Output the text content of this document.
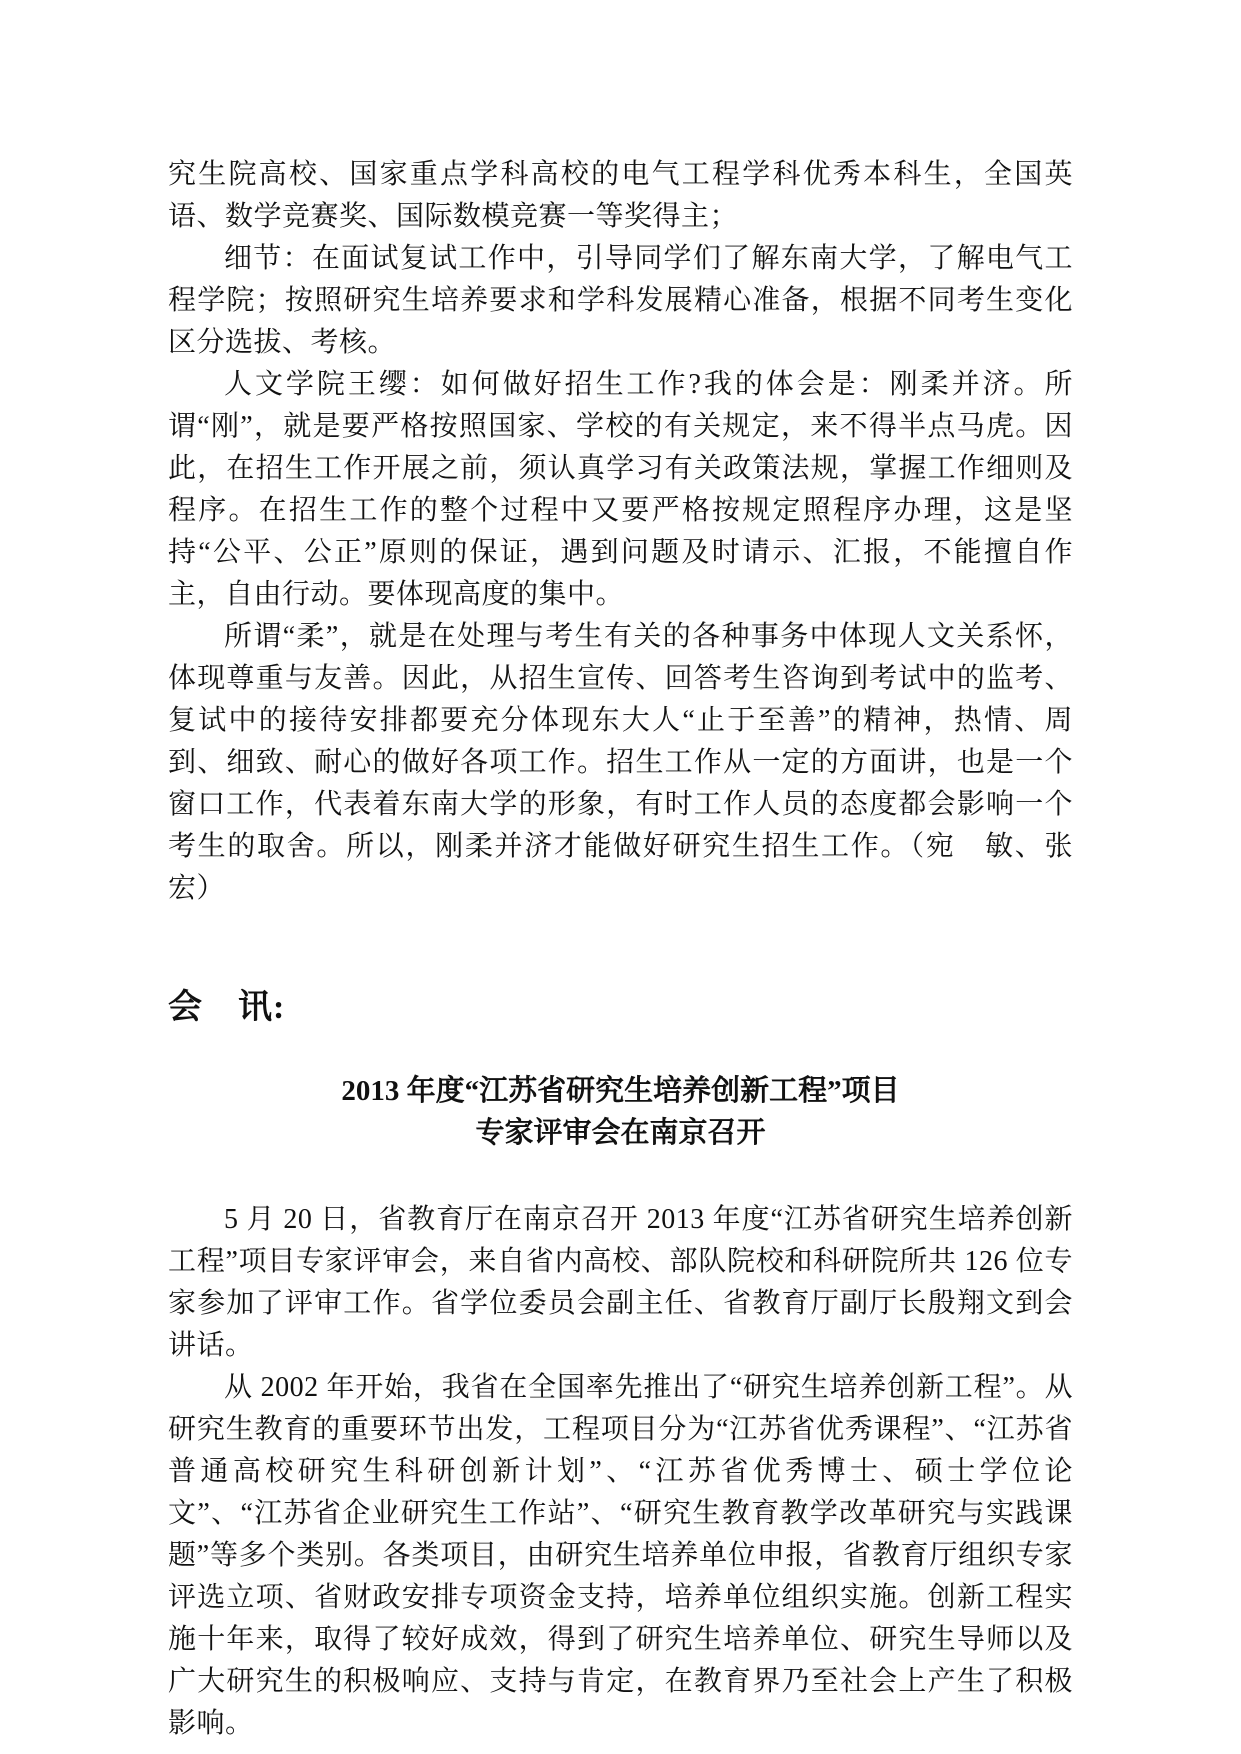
究生院高校、国家重点学科高校的电气工程学科优秀本科生，全国英语、数学竞赛奖、国际数模竞赛一等奖得主；

细节：在面试复试工作中，引导同学们了解东南大学，了解电气工程学院；按照研究生培养要求和学科发展精心准备，根据不同考生变化区分选拔、考核。

人文学院王缨：如何做好招生工作?我的体会是：刚柔并济。所谓“刚”，就是要严格按照国家、学校的有关规定，来不得半点马虎。因此，在招生工作开展之前，须认真学习有关政策法规，掌握工作细则及程序。在招生工作的整个过程中又要严格按规定照程序办理，这是坚持“公平、公正”原则的保证，遇到问题及时请示、汇报，不能擅自作主，自由行动。要体现高度的集中。

所谓“柔”，就是在处理与考生有关的各种事务中体现人文关系怀，体现尊重与友善。因此，从招生宣传、回答考生咨询到考试中的监考、复试中的接待安排都要充分体现东大人“止于至善”的精神，热情、周到、细致、耐心的做好各项工作。招生工作从一定的方面讲，也是一个窗口工作，代表着东南大学的形象，有时工作人员的态度都会影响一个考生的取舍。所以，刚柔并济才能做好研究生招生工作。（宛　敏、张　宏）

会　讯:
2013 年度“江苏省研究生培养创新工程”项目
专家评审会在南京召开

5 月 20 日，省教育厅在南京召开 2013 年度“江苏省研究生培养创新工程”项目专家评审会，来自省内高校、部队院校和科研院所共 126 位专家参加了评审工作。省学位委员会副主任、省教育厅副厅长殷翔文到会讲话。

从 2002 年开始，我省在全国率先推出了“研究生培养创新工程”。从研究生教育的重要环节出发，工程项目分为“江苏省优秀课程”、“江苏省普通高校研究生科研创新计划”、“江苏省优秀博士、硕士学位论文”、“江苏省企业研究生工作站”、“研究生教育教学改革研究与实践课题”等多个类别。各类项目，由研究生培养单位申报，省教育厅组织专家评选立项、省财政安排专项资金支持，培养单位组织实施。创新工程实施十年来，取得了较好成效，得到了研究生培养单位、研究生导师以及广大研究生的积极响应、支持与肯定，在教育界乃至社会上产生了积极影响。
